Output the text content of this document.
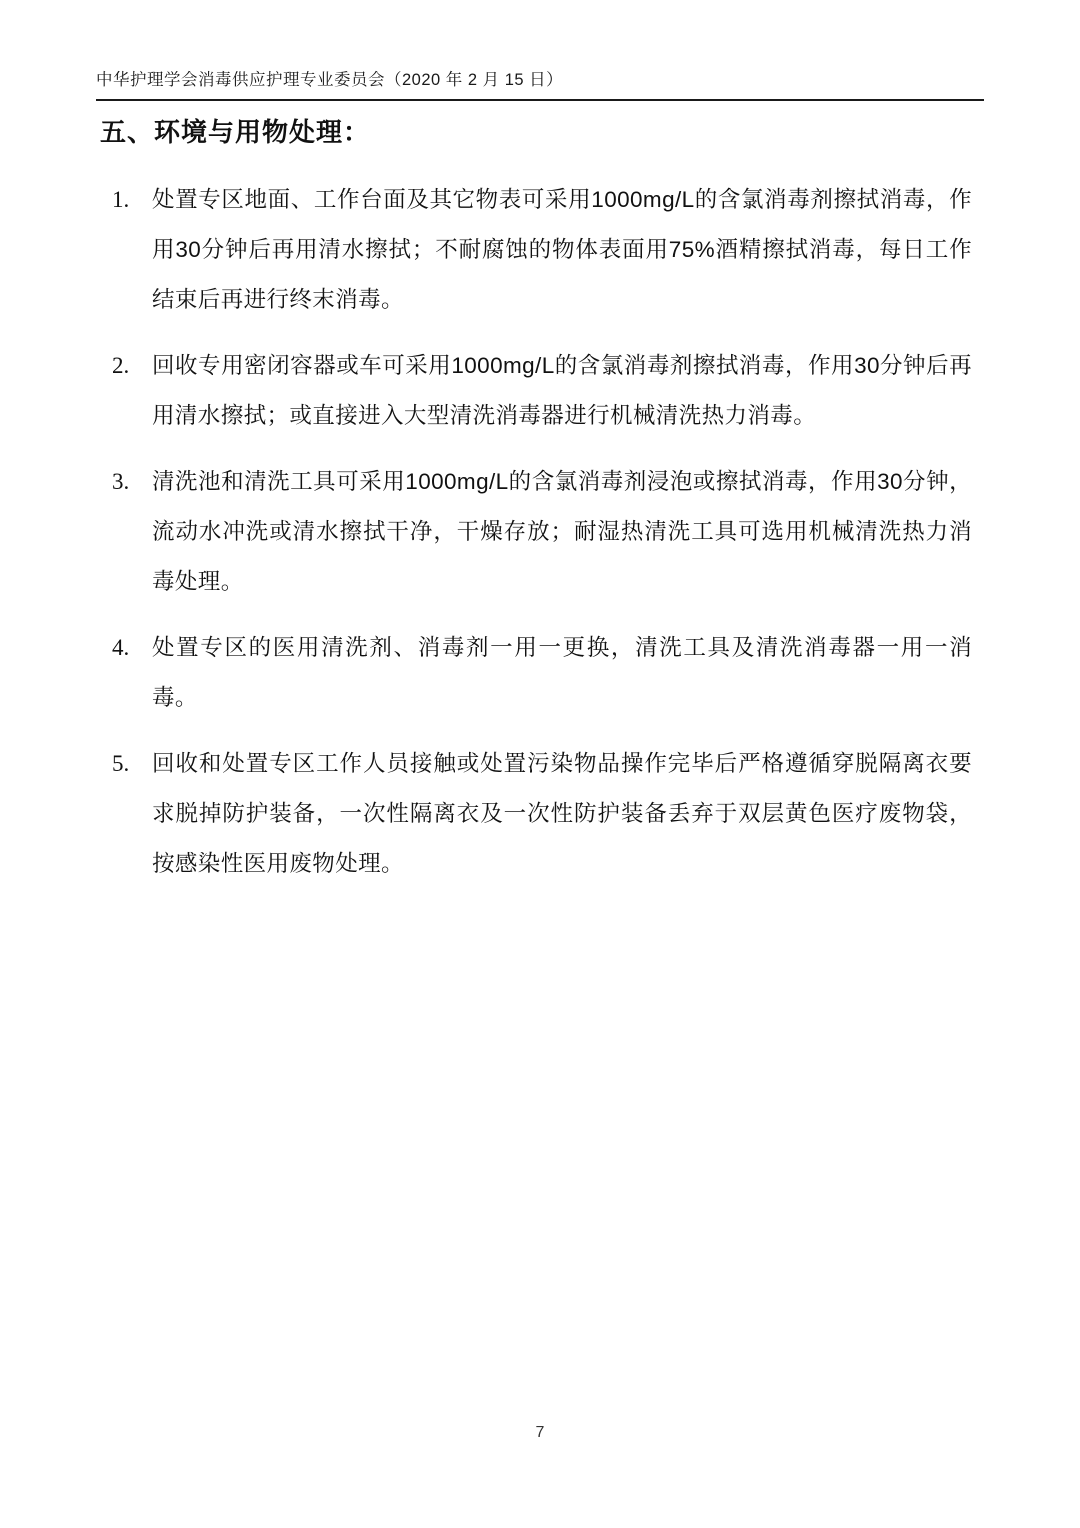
中华护理学会消毒供应护理专业委员会（2020 年 2 月 15 日）
五、环境与用物处理：
1.	处置专区地面、工作台面及其它物表可采用1000mg/L的含氯消毒剂擦拭消毒，作用30分钟后再用清水擦拭；不耐腐蚀的物体表面用75%酒精擦拭消毒，每日工作结束后再进行终末消毒。
2.	回收专用密闭容器或车可采用1000mg/L的含氯消毒剂擦拭消毒，作用30分钟后再用清水擦拭；或直接进入大型清洗消毒器进行机械清洗热力消毒。
3.	清洗池和清洗工具可采用1000mg/L的含氯消毒剂浸泡或擦拭消毒，作用30分钟，流动水冲洗或清水擦拭干净，干燥存放；耐湿热清洗工具可选用机械清洗热力消毒处理。
4.	处置专区的医用清洗剂、消毒剂一用一更换，清洗工具及清洗消毒器一用一消毒。
5.	回收和处置专区工作人员接触或处置污染物品操作完毕后严格遵循穿脱隔离衣要求脱掉防护装备，一次性隔离衣及一次性防护装备丢弃于双层黄色医疗废物袋，按感染性医用废物处理。
7
